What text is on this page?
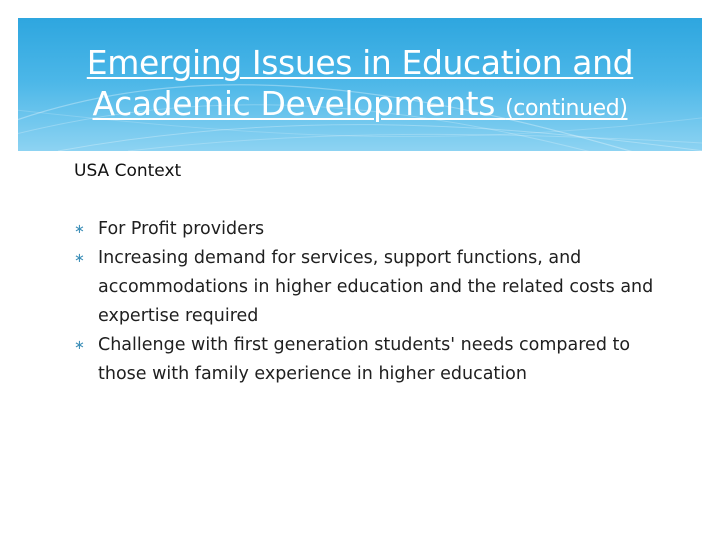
Emerging Issues in Education and
Academic Developments (continued)
USA Context
∗ For Profit providers
∗ Increasing demand for services, support functions, and accommodations in higher education and the related costs and expertise required
∗ Challenge with first generation students' needs compared to those with family experience in higher education
